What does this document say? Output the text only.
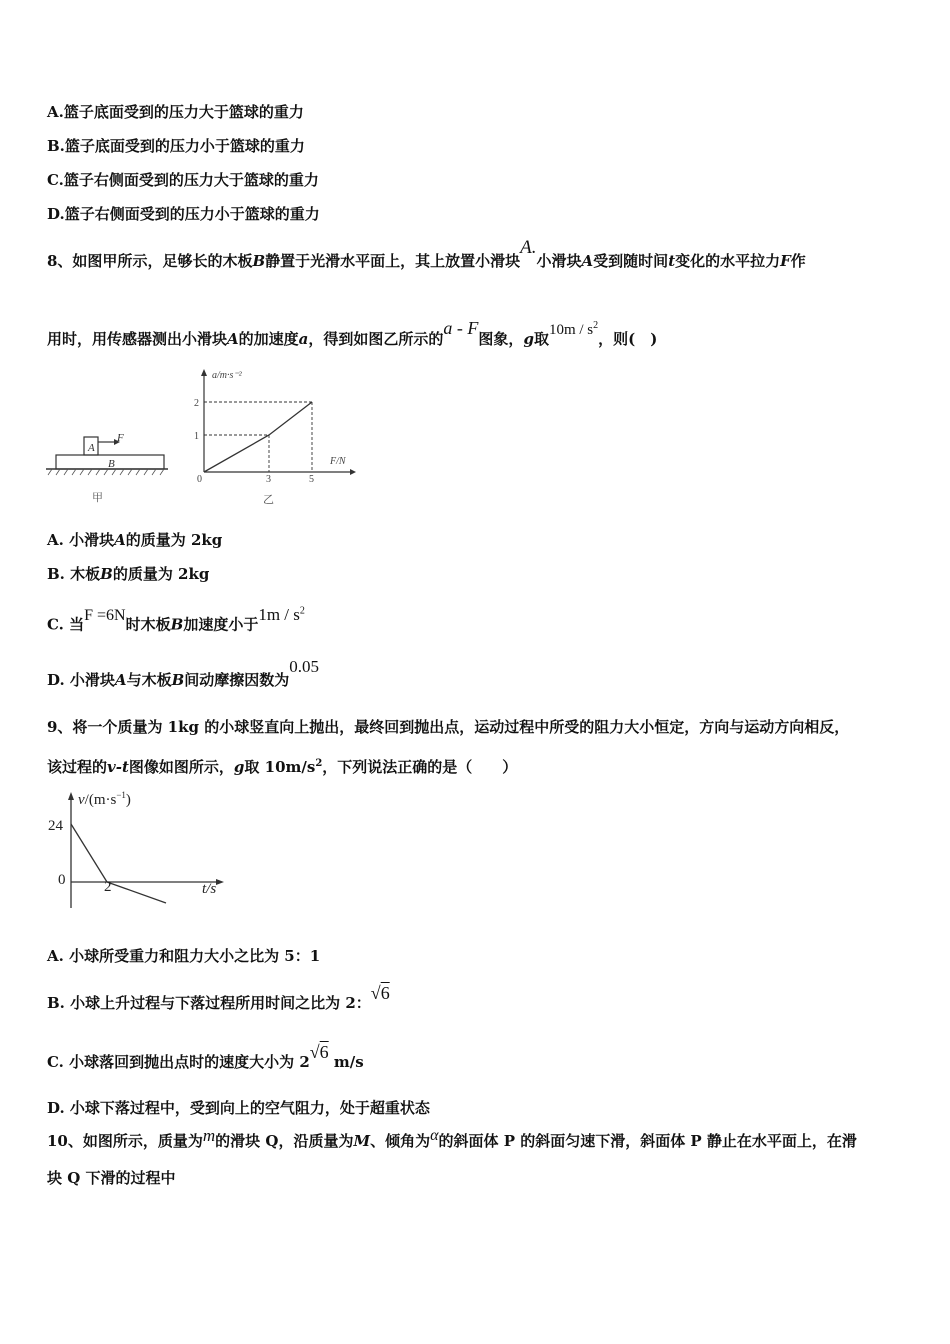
A.篮子底面受到的压力大于篮球的重力
B.篮子底面受到的压力小于篮球的重力
C.篮子右侧面受到的压力大于篮球的重力
D.篮子右侧面受到的压力小于篮球的重力
8、如图甲所示，足够长的木板B静置于光滑水平面上，其上放置小滑块A.小滑块A受到随时间t变化的水平拉力F作
用时，用传感器测出小滑块A的加速度a，得到如图乙所示的a - F图象，g取$10m / s^2$，则(　)
A
F
B
甲
a/m·s⁻²
F/N
2
1
0	3	5
乙
A. 小滑块A的质量为 2kg
B. 木板B的质量为 2kg
C. 当F =6N时木板B加速度小于$1m / s^2$
D. 小滑块A与木板B间动摩擦因数为0.05
9、将一个质量为 1kg 的小球竖直向上抛出，最终回到抛出点，运动过程中所受的阻力大小恒定，方向与运动方向相反，
该过程的v-t图像如图所示，g取 $10m/s^2$，下列说法正确的是（　　）
$v/(m\cdot s^{-1})$
24
0	2	t/s
A. 小球所受重力和阻力大小之比为 5：1
B. 小球上升过程与下落过程所用时间之比为 2：√6
C. 小球落回到抛出点时的速度大小为 2√6 m/s
D. 小球下落过程中，受到向上的空气阻力，处于超重状态
10、如图所示，质量为m的滑块 Q，沿质量为M、倾角为α的斜面体 P 的斜面匀速下滑，斜面体 P 静止在水平面上，在滑
块 Q 下滑的过程中
